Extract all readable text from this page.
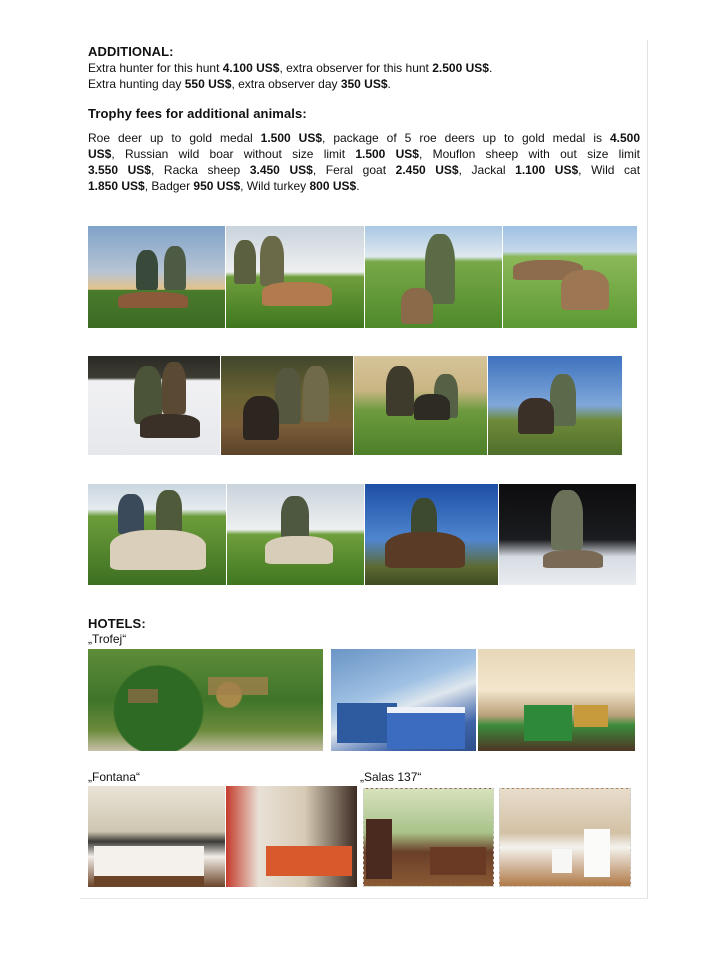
ADDITIONAL:

Extra hunter for this hunt 4.100 US$, extra observer for this hunt 2.500 US$.

Extra hunting day 550 US$, extra observer day 350 US$.

Trophy fees for additional animals:

Roe deer up to gold medal 1.500 US$, package of 5 roe deers up to gold medal is 4.500

US$, Russian wild boar without size limit 1.500 US$, Mouflon sheep with out size limit

3.550 US$, Racka sheep 3.450 US$, Feral goat 2.450 US$, Jackal 1.100 US$, Wild cat

1.850 US$, Badger 950 US$, Wild turkey 800 US$.

HOTELS:
„Trofej“
„Fontana“	„Salas 137“
